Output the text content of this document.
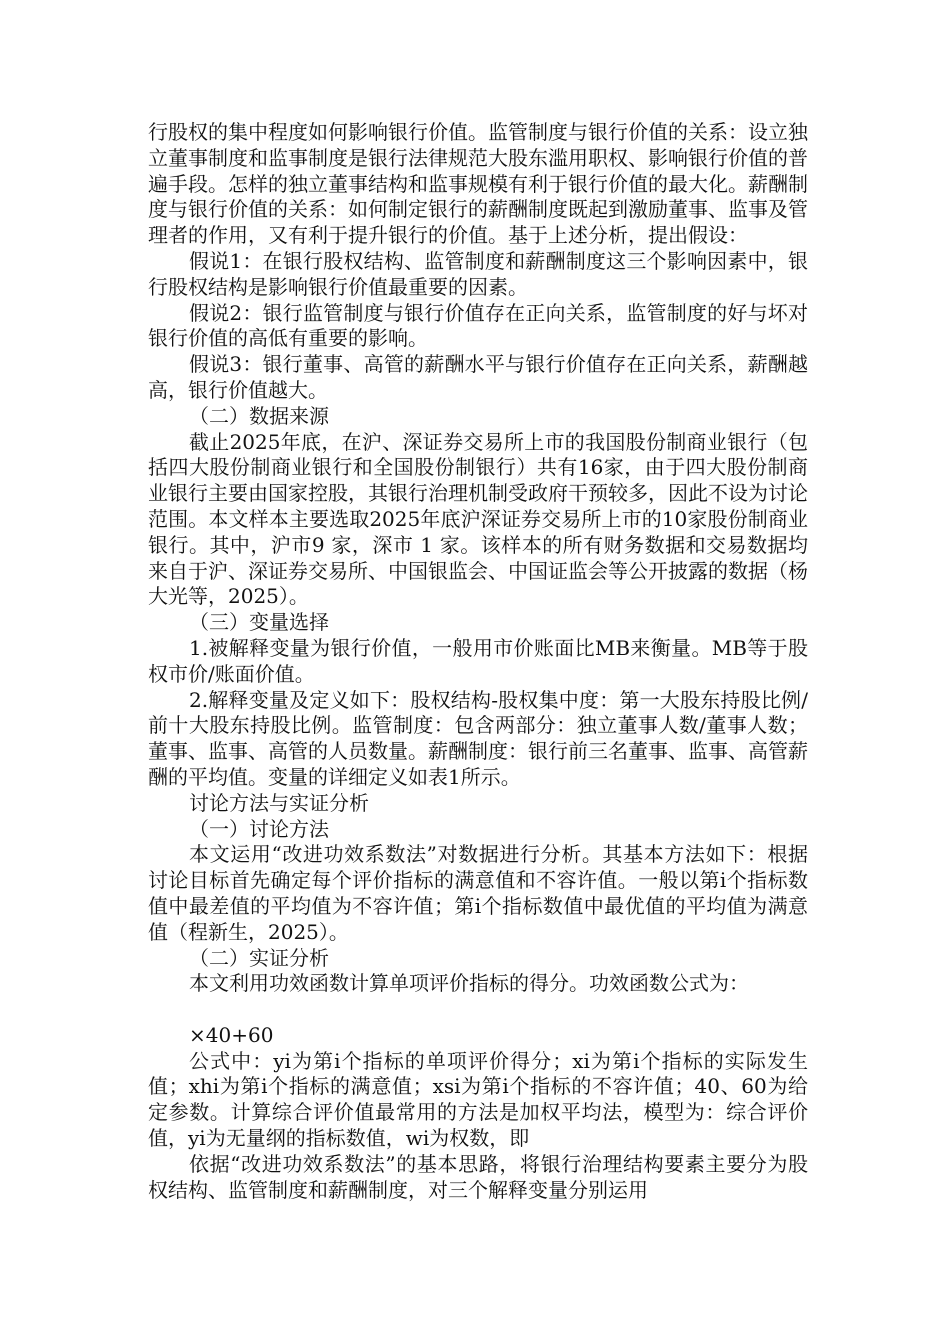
行股权的集中程度如何影响银行价值。监管制度与银行价值的关系：设立独立董事制度和监事制度是银行法律规范大股东滥用职权、影响银行价值的普遍手段。怎样的独立董事结构和监事规模有利于银行价值的最大化。薪酬制度与银行价值的关系：如何制定银行的薪酬制度既起到激励董事、监事及管理者的作用，又有利于提升银行的价值。基于上述分析，提出假设：

假说1：在银行股权结构、监管制度和薪酬制度这三个影响因素中，银行股权结构是影响银行价值最重要的因素。

假说2：银行监管制度与银行价值存在正向关系，监管制度的好与坏对银行价值的高低有重要的影响。

假说3：银行董事、高管的薪酬水平与银行价值存在正向关系，薪酬越高，银行价值越大。

（二）数据来源

截止2025年底，在沪、深证券交易所上市的我国股份制商业银行（包括四大股份制商业银行和全国股份制银行）共有16家，由于四大股份制商业银行主要由国家控股，其银行治理机制受政府干预较多，因此不设为讨论范围。本文样本主要选取2025年底沪深证券交易所上市的10家股份制商业银行。其中，沪市9 家，深市 1 家。该样本的所有财务数据和交易数据均来自于沪、深证券交易所、中国银监会、中国证监会等公开披露的数据（杨大光等，2025）。

（三）变量选择

1.被解释变量为银行价值，一般用市价账面比MB来衡量。MB等于股权市价/账面价值。

2.解释变量及定义如下：股权结构-股权集中度：第一大股东持股比例/前十大股东持股比例。监管制度：包含两部分：独立董事人数/董事人数；董事、监事、高管的人员数量。薪酬制度：银行前三名董事、监事、高管薪酬的平均值。变量的详细定义如表1所示。

讨论方法与实证分析

（一）讨论方法

本文运用“改进功效系数法”对数据进行分析。其基本方法如下：根据讨论目标首先确定每个评价指标的满意值和不容许值。一般以第i个指标数值中最差值的平均值为不容许值；第i个指标数值中最优值的平均值为满意值（程新生，2025）。

（二）实证分析

本文利用功效函数计算单项评价指标的得分。功效函数公式为：

×40+60

公式中：yi为第i个指标的单项评价得分；xi为第i个指标的实际发生值；xhi为第i个指标的满意值；xsi为第i个指标的不容许值；40、60为给定参数。计算综合评价值最常用的方法是加权平均法，模型为：综合评价值，yi为无量纲的指标数值，wi为权数，即

依据“改进功效系数法”的基本思路，将银行治理结构要素主要分为股权结构、监管制度和薪酬制度，对三个解释变量分别运用
